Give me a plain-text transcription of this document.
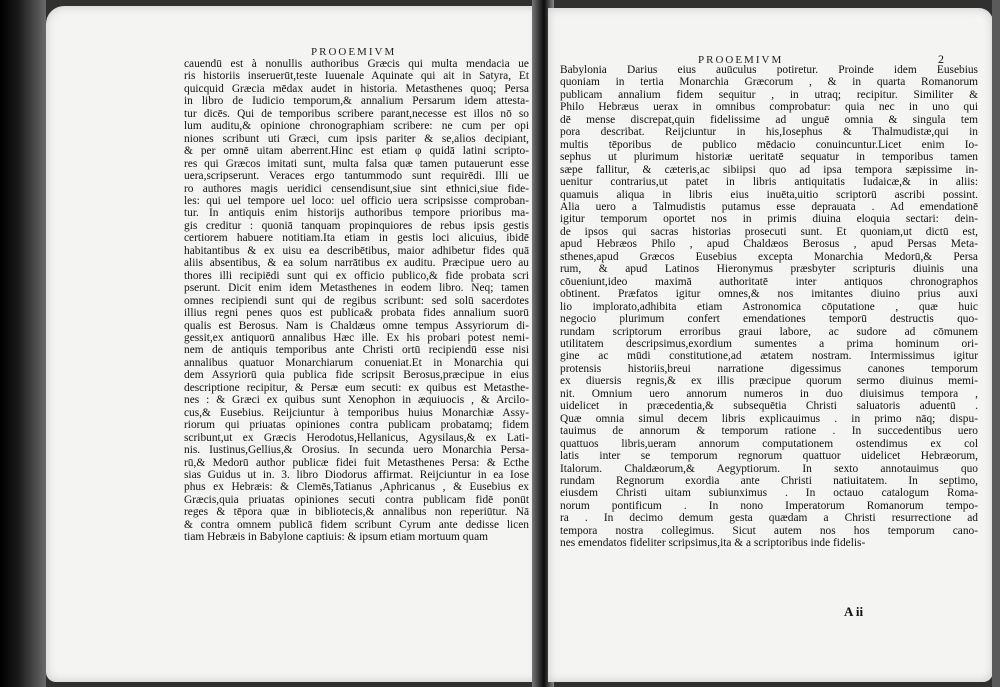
PROOEMIVM
cauendū est à nonullis authoribus Græcis qui multa mendacia ue
ris historiis inseruerūt,teste Iuuenale Aquinate qui ait in Satyra, Et
quicquid Græcia mēdax audet in historia. Metasthenes quoq; Persa
in libro de Iudicio temporum,& annalium Persarum idem attesta-
tur dicēs. Qui de temporibus scribere parant,necesse est illos nō so
lum auditu,& opinione chronographiam scribere: ne cum per opi
niones scribunt uti Græci, cum ipsis pariter & se,alios decipiant,
& per omnē uitam aberrent.Hinc est etiam φ quidā latini scripto-
res qui Græcos imitati sunt, multa falsa quæ tamen putauerunt esse
uera,scripserunt. Veraces ergo tantummodo sunt requirēdi. Illi ue
ro authores magis ueridici censendisunt,siue sint ethnici,siue fide-
les: qui uel tempore uel loco: uel officio uera scripsisse comproban-
tur. In antiquis enim historijs authoribus tempore prioribus ma-
gis creditur : quoniā tanquam propinquiores de rebus ipsis gestis
certiorem habuere notitiam.Ita etiam in gestis loci alicuius, ibidē
habitantibus & ex uisu ea describētibus, maior adhibetur fides quā
aliis absentibus, & ea solum narrātibus ex auditu. Præcipue uero au
thores illi recipiēdi sunt qui ex officio publico,& fide probata scri
pserunt. Dicit enim idem Metasthenes in eodem libro. Neq; tamen
omnes recipiendi sunt qui de regibus scribunt: sed solū sacerdotes
illius regni penes quos est publica& probata fides annalium suorū
qualis est Berosus. Nam is Chaldæus omne tempus Assyriorum di-
gessit,ex antiquorū annalibus Hæc ille. Ex his probari potest nemi-
nem de antiquis temporibus ante Christi ortū recipiendū esse nisi
annalibus quatuor Monarchiarum conueniat.Et in Monarchia qui
dem Assyriorū quia publica fide scripsit Berosus,præcipue in eius
descriptione recipitur, & Persæ eum secuti: ex quibus est Metasthe-
nes : & Græci ex quibus sunt Xenophon in æquiuocis , & Arcilo-
cus,& Eusebius. Reijciuntur à temporibus huius Monarchiæ Assy-
riorum qui priuatas opiniones contra publicam probatamq; fidem
scribunt,ut ex Græcis Herodotus,Hellanicus, Agysilaus,& ex Lati-
nis. Iustinus,Gellius,& Orosius. In secunda uero Monarchia Persa-
rū,& Medorū author publicæ fidei fuit Metasthenes Persa: & Ecthe
sias Guidus ut in. 3. libro Diodorus affirmat. Reijciuntur in ea Iose
phus ex Hebræis: & Clemēs,Tatianus ,Aphricanus , & Eusebius ex
Græcis,quia priuatas opiniones secuti contra publicam fidē ponūt
reges & tēpora quæ in bibliotecis,& annalibus non reperiūtur. Nā
& contra omnem publicā fidem scribunt Cyrum ante dedisse licen
tiam Hebræis in Babylone captiuis: & ipsum etiam mortuum quam
PROOEMIVM	2
Babylonia Darius eius auūculus potiretur. Proinde idem Eusebius
quoniam in tertia Monarchia Græcorum , & in quarta Romanorum
publicam annalium fidem sequitur , in utraq; recipitur. Similiter &
Philo Hebræus uerax in omnibus comprobatur: quia nec in uno qui
dē mense discrepat,quin fidelissime ad unguē omnia & singula tem
pora describat. Reijciuntur in his,Iosephus & Thalmudistæ,qui in
multis tēporibus de publico mēdacio conuincuntur.Licet enim Io-
sephus ut plurimum historiæ ueritatē sequatur in temporibus tamen
sæpe fallitur, & cæteris,ac sibiipsi quo ad ipsa tempora sæpissime in-
uenitur contrarius,ut patet in libris antiquitatis Iudaicæ,& in aliis:
quamuis aliqua in libris eius inuēta,uitio scriptorū ascribi possint.
Alia uero a Talmudistis putamus esse deprauata . Ad emendationē
igitur temporum oportet nos in primis diuina eloquia sectari: dein-
de ipsos qui sacras historias prosecuti sunt. Et quoniam,ut dictū est,
apud Hebræos Philo , apud Chaldæos Berosus , apud Persas Meta-
sthenes,apud Græcos Eusebius excepta Monarchia Medorū,& Persa
rum, & apud Latinos Hieronymus præsbyter scripturis diuinis una
cōueniunt,ideo maximā authoritatē inter antiquos chronographos
obtinent. Præfatos igitur omnes,& nos imitantes diuino prius auxi
lio implorato,adhibita etiam Astronomica cōputatione , quæ huic
negocio plurimum confert emendationes temporū destructis quo-
rundam scriptorum erroribus graui labore, ac sudore ad cōmunem
utilitatem descripsimus,exordium sumentes a prima hominum ori-
gine ac mūdi constitutione,ad ætatem nostram. Intermissimus igitur
protensis historiis,breui narratione digessimus canones temporum
ex diuersis regnis,& ex illis præcipue quorum sermo diuinus memi-
nit. Omnium uero annorum numeros in duo diuisimus tempora ,
uidelicet in præcedentia,& subsequētia Christi saluatoris aduentū .
Quæ omnia simul decem libris explicauimus . in primo nāq; dispu-
tauimus de annorum & temporum ratione . In succedentibus uero
quattuos libris,ueram annorum computationem ostendimus ex col
latis inter se temporum regnorum quattuor uidelicet Hebræorum,
Italorum. Chaldæorum,& Aegyptiorum. In sexto annotauimus quo
rundam Regnorum exordia ante Christi natiuitatem. In septimo,
eiusdem Christi uitam subiunximus . In octauo catalogum Roma-
norum pontificum . In nono Imperatorum Romanorum tempo-
ra . In decimo demum gesta quædam a Christi resurrectione ad
tempora nostra collegimus. Sicut autem nos hos temporum cano-
nes emendatos fideliter scripsimus,ita & a scriptoribus inde fidelis-
A ii
